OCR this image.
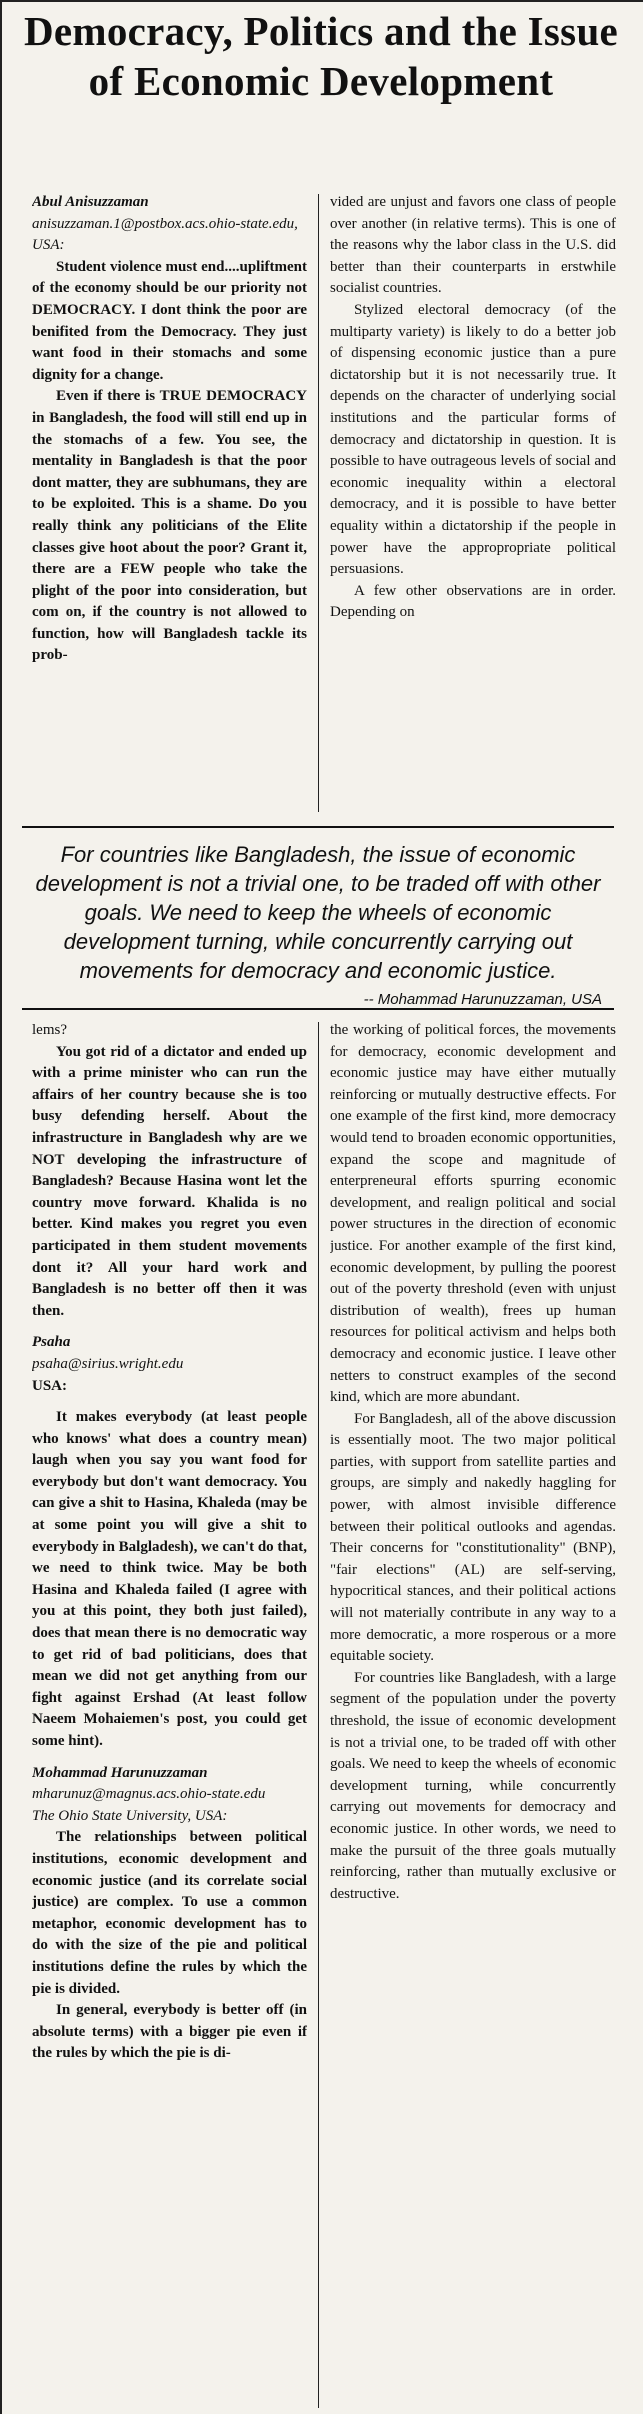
Democracy, Politics and the Issue of Economic Development

Abul Anisuzzaman

anisuzzaman.1@postbox.acs.ohio-state.edu, USA:

Student violence must end....upliftment of the economy should be our priority not DEMOCRACY. I dont think the poor are benifited from the Democracy. They just want food in their stomachs and some dignity for a change.

Even if there is TRUE DEMOCRACY in Bangladesh, the food will still end up in the stomachs of a few. You see, the mentality in Bangladesh is that the poor dont matter, they are subhumans, they are to be exploited. This is a shame. Do you really think any politicians of the Elite classes give hoot about the poor? Grant it, there are a FEW people who take the plight of the poor into consideration, but com on, if the country is not allowed to function, how will Bangladesh tackle its prob-

vided are unjust and favors one class of people over another (in relative terms). This is one of the reasons why the labor class in the U.S. did better than their counterparts in erstwhile socialist countries.

Stylized electoral democracy (of the multiparty variety) is likely to do a better job of dispensing economic justice than a pure dictatorship but it is not necessarily true. It depends on the character of underlying social institutions and the particular forms of democracy and dictatorship in question. It is possible to have outrageous levels of social and economic inequality within a electoral democracy, and it is possible to have better equality within a dictatorship if the people in power have the appropropriate political persuasions.

A few other observations are in order. Depending on

For countries like Bangladesh, the issue of economic development is not a trivial one, to be traded off with other goals. We need to keep the wheels of economic development turning, while concurrently carrying out movements for democracy and economic justice.

-- Mohammad Harunuzzaman, USA

lems?

You got rid of a dictator and ended up with a prime minister who can run the affairs of her country because she is too busy defending herself. About the infrastructure in Bangladesh why are we NOT developing the infrastructure of Bangladesh? Because Hasina wont let the country move forward. Khalida is no better. Kind makes you regret you even participated in them student movements dont it? All your hard work and Bangladesh is no better off then it was then.

Psaha

psaha@sirius.wright.edu

USA:

It makes everybody (at least people who knows' what does a country mean) laugh when you say you want food for everybody but don't want democracy. You can give a shit to Hasina, Khaleda (may be at some point you will give a shit to everybody in Balgladesh), we can't do that, we need to think twice. May be both Hasina and Khaleda failed (I agree with you at this point, they both just failed), does that mean there is no democratic way to get rid of bad politicians, does that mean we did not get anything from our fight against Ershad (At least follow Naeem Mohaiemen's post, you could get some hint).

Mohammad Harunuzzaman

mharunuz@magnus.acs.ohio-state.edu

The Ohio State University, USA:

The relationships between political institutions, economic development and economic justice (and its correlate social justice) are complex. To use a common metaphor, economic development has to do with the size of the pie and political institutions define the rules by which the pie is divided.

In general, everybody is better off (in absolute terms) with a bigger pie even if the rules by which the pie is di-

the working of political forces, the movements for democracy, economic development and economic justice may have either mutually reinforcing or mutually destructive effects. For one example of the first kind, more democracy would tend to broaden economic opportunities, expand the scope and magnitude of enterpreneural efforts spurring economic development, and realign political and social power structures in the direction of economic justice. For another example of the first kind, economic development, by pulling the poorest out of the poverty threshold (even with unjust distribution of wealth), frees up human resources for political activism and helps both democracy and economic justice. I leave other netters to construct examples of the second kind, which are more abundant.

For Bangladesh, all of the above discussion is essentially moot. The two major political parties, with support from satellite parties and groups, are simply and nakedly haggling for power, with almost invisible difference between their political outlooks and agendas. Their concerns for "constitutionality" (BNP), "fair elections" (AL) are self-serving, hypocritical stances, and their political actions will not materially contribute in any way to a more democratic, a more rosperous or a more equitable society.

For countries like Bangladesh, with a large segment of the population under the poverty threshold, the issue of economic development is not a trivial one, to be traded off with other goals. We need to keep the wheels of economic development turning, while concurrently carrying out movements for democracy and economic justice. In other words, we need to make the pursuit of the three goals mutually reinforcing, rather than mutually exclusive or destructive.
